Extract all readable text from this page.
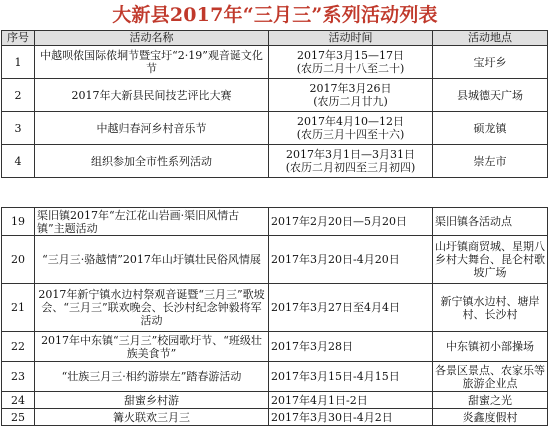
大新县2017年“三月三”系列活动列表
序号	活动名称	活动时间	活动地点
1	中越呗侬国际侬垌节暨宝圩“2·19”观音诞文化节	2017年3月15—17日
(农历二月十八至二十)	宝圩乡
2	2017年大新县民间技艺评比大赛	2017年3月26日
(农历二月廿九)	县城德天广场
3	中越归春河乡村音乐节	2017年4月10—12日
(农历三月十四至十六)	硕龙镇
4	组织参加全市性系列活动	2017年3月1日—3月31日
(农历二月初四至三月初四)	崇左市
19	渠旧镇2017年“左江花山岩画·渠旧风情古镇”主题活动	2017年2月20日—5月20日	渠旧镇各活动点
20	“三月三·骆越情”2017年山圩镇壮民俗风情展	2017年3月20日-4月20日	山圩镇商贸城、星期八乡村大舞台、昆仑村歌坡广场
21	2017年新宁镇水边村祭观音诞暨“三月三”歌坡会、“三月三”联欢晚会、长沙村纪念钟毅将军活动	2017年3月27日至4月4日	新宁镇水边村、塘岸村、长沙村
22	2017年中东镇“三月三”校园歌圩节、“班级壮族美食节”	2017年3月28日	中东镇初小部操场
23	“壮族三月三·相约游崇左”踏春游活动	2017年3月15日-4月15日	各景区景点、农家乐等旅游企业点
24	甜蜜乡村游	2017年4月1日-2日	甜蜜之光
25	篝火联欢三月三	2017年3月30日-4月2日	炎鑫度假村
